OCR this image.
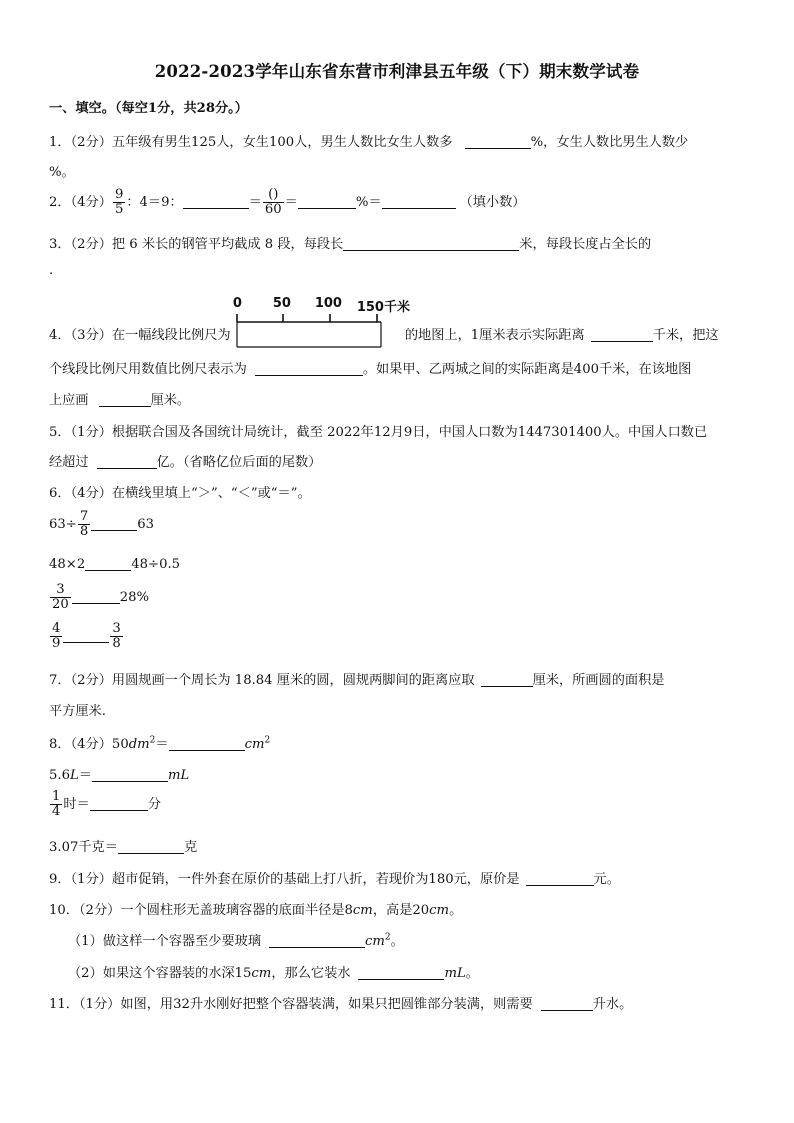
2022-2023学年山东省东营市利津县五年级（下）期末数学试卷
一、填空。（每空1分，共28分。）
1．（2分）五年级有男生125人，女生100人，男生人数比女生人数多	%，女生人数比男生人数少
%。
2．（4分） $\frac{9}{5}$ ：4＝9：	＝ $\frac{()}{60}$ ＝	%＝	（填小数）
3．（2分）把 6 米长的钢管平均截成 8 段，每段长	米，每段长度占全长的
.
4．（3分）在一幅线段比例尺为
0 50 100 150千米
的地图上，1厘米表示实际距离	千米，把这
个线段比例尺用数值比例尺表示为	。如果甲、乙两城之间的实际距离是400千米，在该地图
上应画	厘米。
5．（1分）根据联合国及各国统计局统计，截至 2022年12月9日，中国人口数为1447301400人。中国人口数已
经超过	亿。（省略亿位后面的尾数）
6．（4分）在横线里填上“＞”、“＜”或“＝”。
$63\div \frac{7}{8}$	63
48×2	48÷0.5
$\frac{3}{20}$	28%
$\frac{4}{9}$	$\frac{3}{8}$
7．（2分）用圆规画一个周长为 18.84 厘米的圆，圆规两脚间的距离应取	厘米，所画圆的面积是
平方厘米.
8．（4分）$50dm^2=$	$cm^2$
5.6L＝	mL
$\frac{1}{4}$ 时＝	分
3.07千克＝	克
9．（1分）超市促销，一件外套在原价的基础上打八折，若现价为180元，原价是	元。
10．（2分）一个圆柱形无盖玻璃容器的底面半径是8cm，高是20cm。
（1）做这样一个容器至少要玻璃	$cm^2$。
（2）如果这个容器装的水深15cm，那么它装水	mL。
11．（1分）如图，用32升水刚好把整个容器装满，如果只把圆锥部分装满，则需要	升水。
